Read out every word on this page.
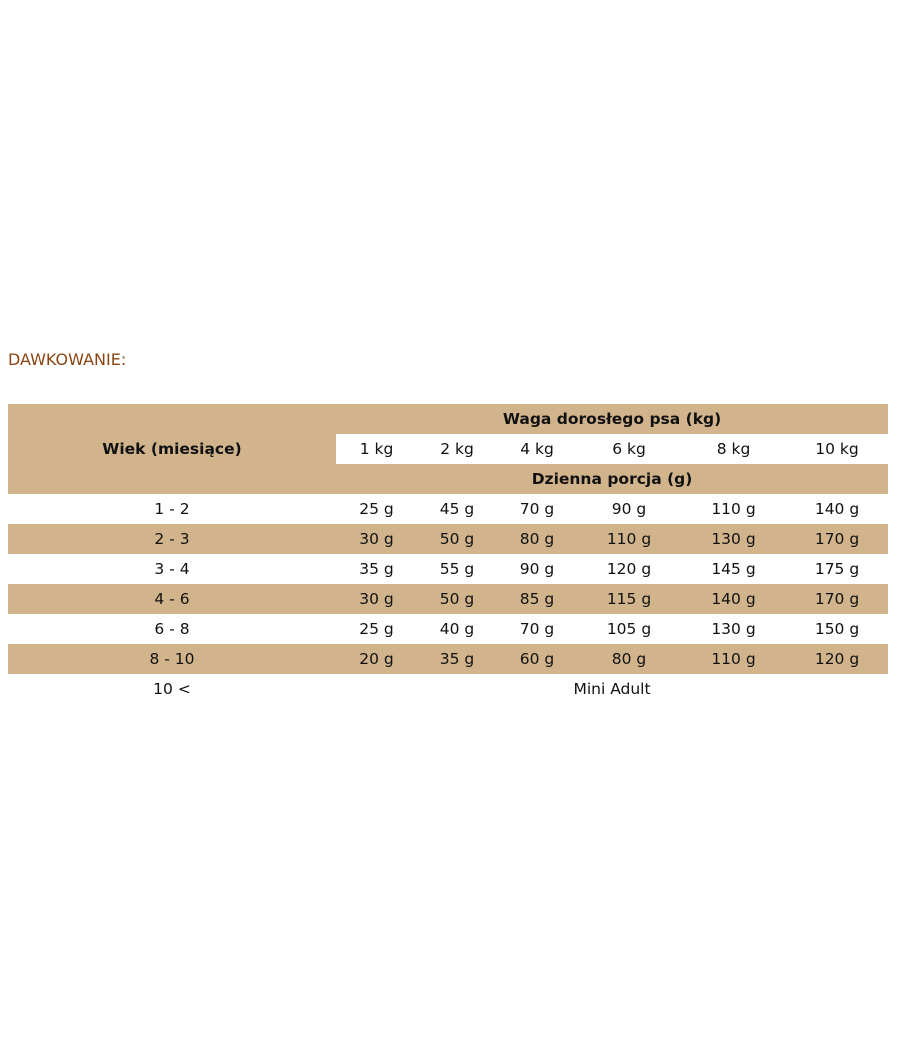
DAWKOWANIE:
Wiek (miesiące)	Waga dorosłego psa (kg)					
	1 kg	2 kg	4 kg	6 kg	8 kg	10 kg
	Dzienna porcja (g)					
1 - 2	25 g	45 g	70 g	90 g	110 g	140 g
2 - 3	30 g	50 g	80 g	110 g	130 g	170 g
3 - 4	35 g	55 g	90 g	120 g	145 g	175 g
4 - 6	30 g	50 g	85 g	115 g	140 g	170 g
6 - 8	25 g	40 g	70 g	105 g	130 g	150 g
8 - 10	20 g	35 g	60 g	80 g	110 g	120 g
10 <	Mini Adult					
